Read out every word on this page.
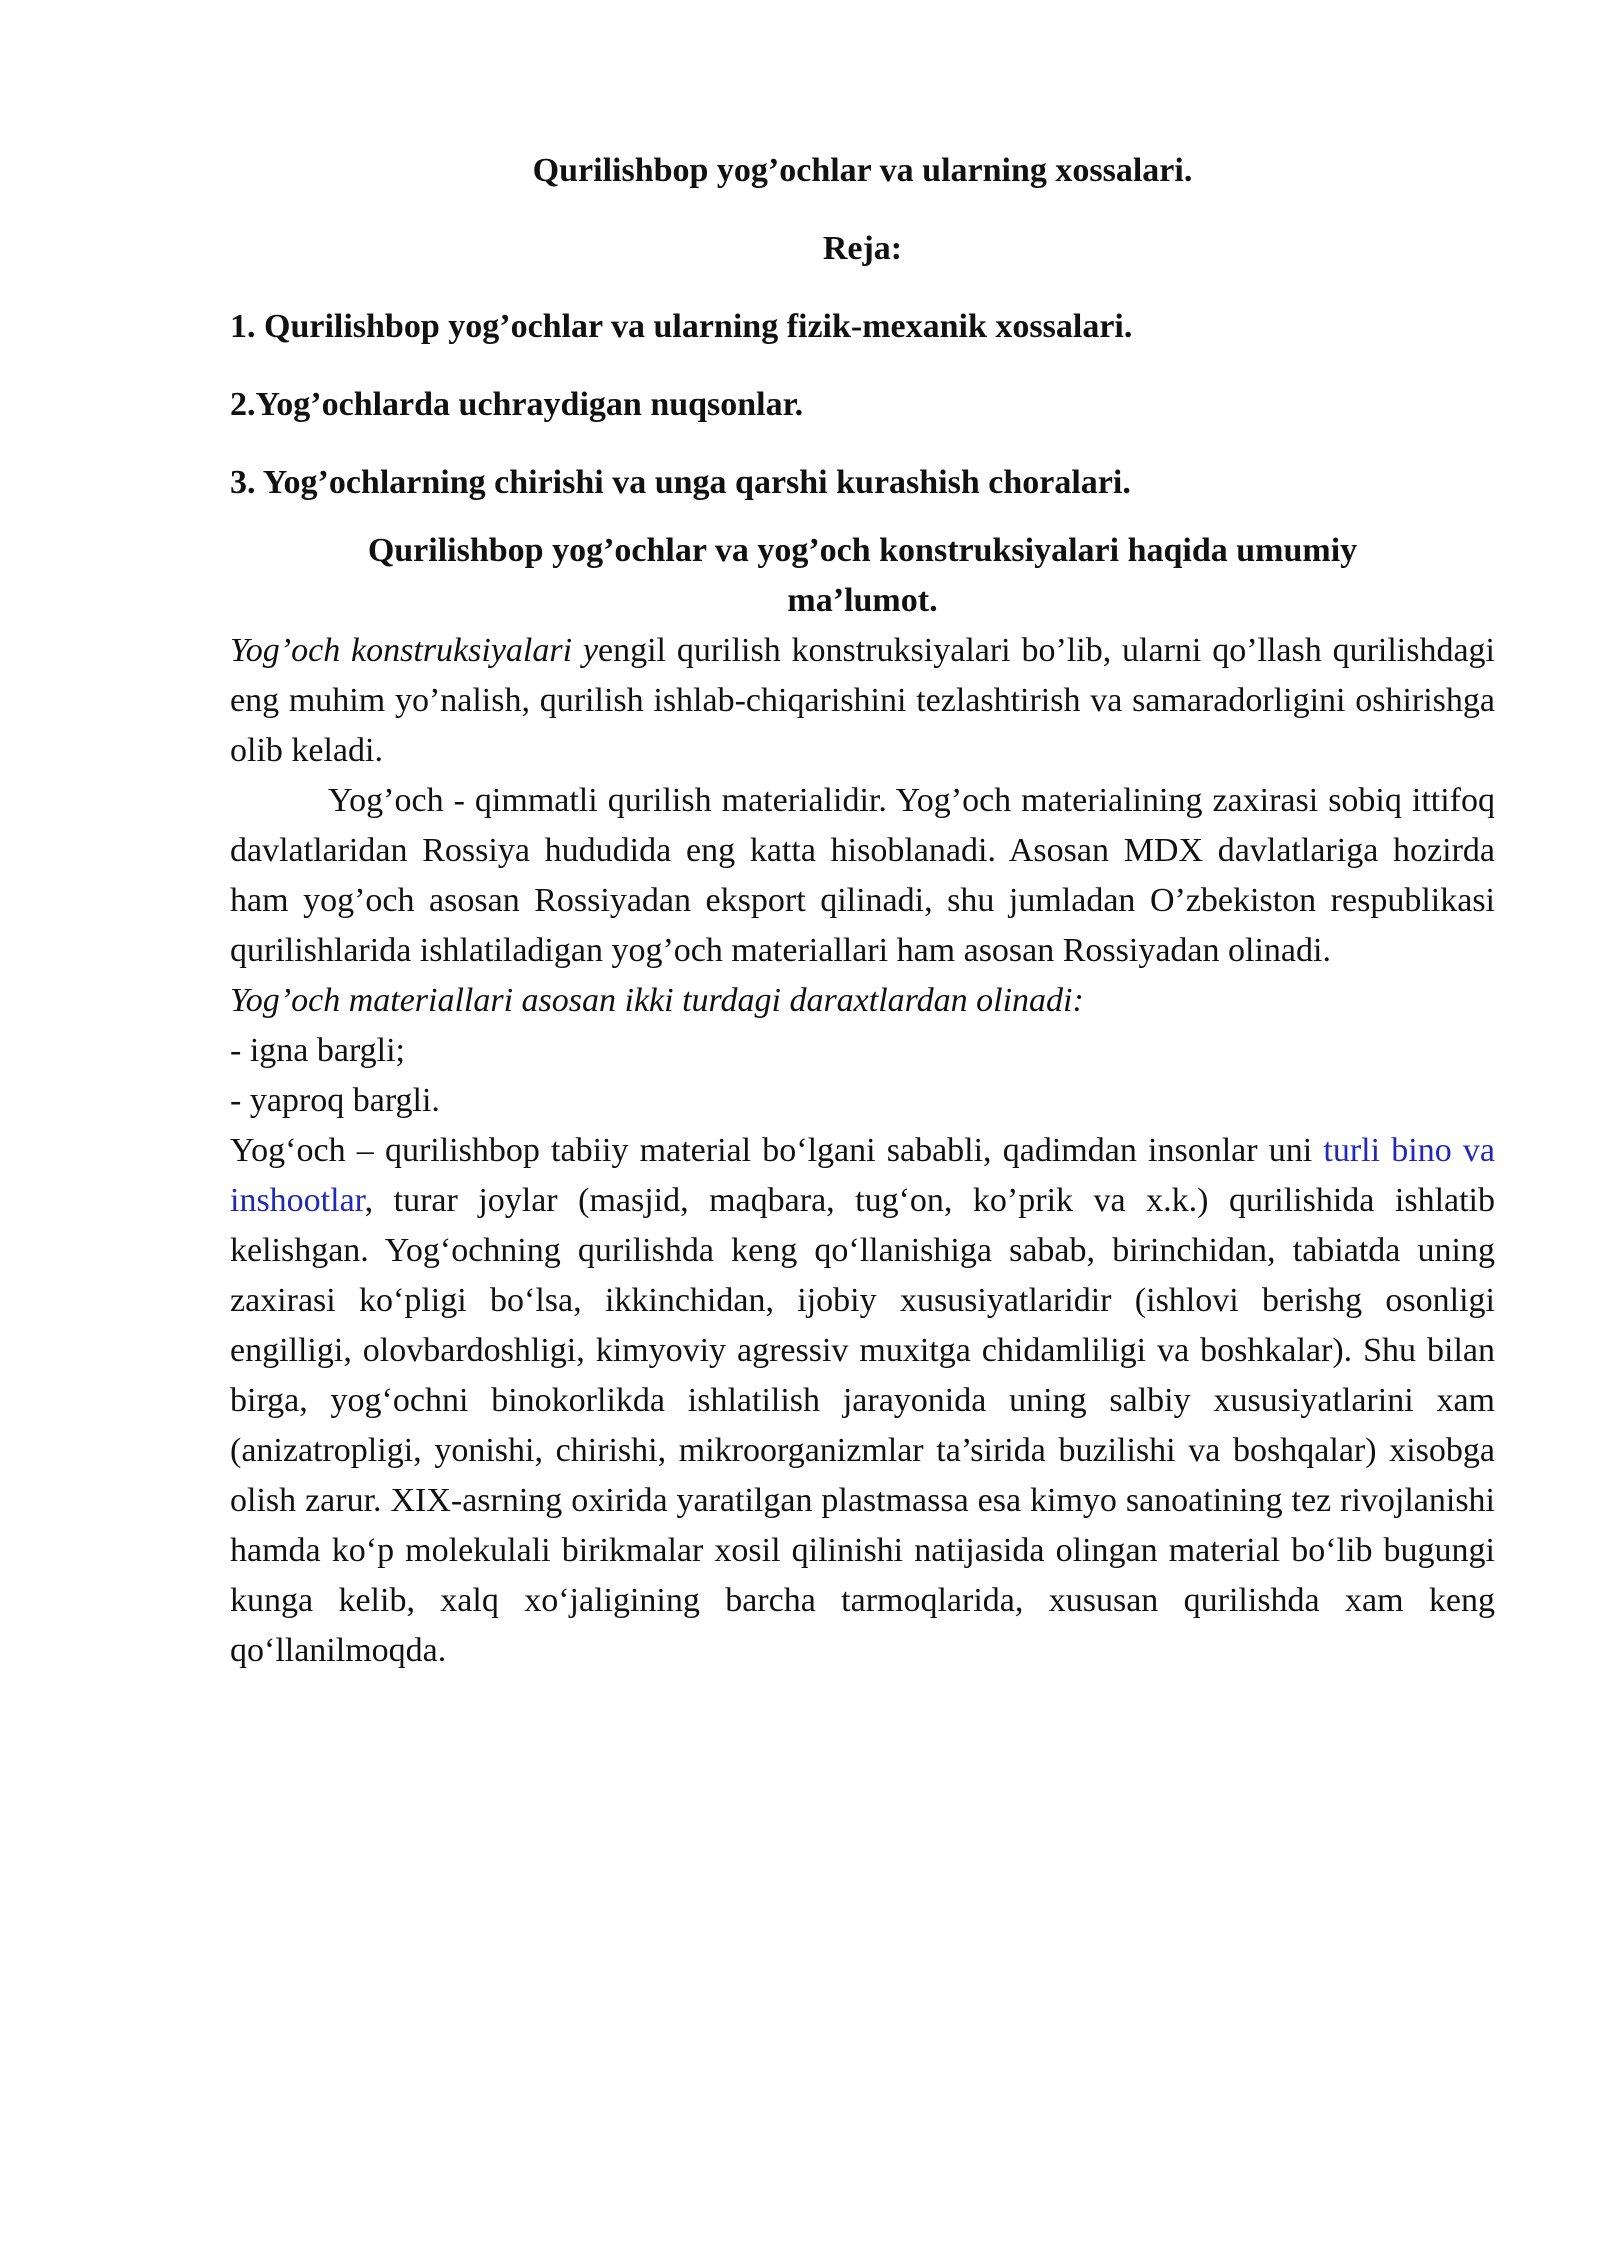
Qurilishbop yog’ochlar va ularning xossalari.
Reja:
1. Qurilishbop yog’ochlar va ularning fizik-mexanik xossalari.
2.Yog’ochlarda uchraydigan nuqsonlar.
3. Yog’ochlarning chirishi va unga qarshi kurashish choralari.
Qurilishbop yog’ochlar va yog’och konstruksiyalari haqida umumiy ma’lumot.

Yog’och konstruksiyalari yengil qurilish konstruksiyalari bo’lib, ularni qo’llash qurilishdagi eng muhim yo’nalish, qurilish ishlab-chiqarishini tezlashtirish va samaradorligini oshirishga olib keladi.

Yog’och - qimmatli qurilish materialidir. Yog’och materialining zaxirasi sobiq ittifoq davlatlaridan Rossiya hududida eng katta hisoblanadi. Asosan MDX davlatlariga hozirda ham yog’och asosan Rossiyadan eksport qilinadi, shu jumladan O’zbekiston respublikasi qurilishlarida ishlatiladigan yog’och materiallari ham asosan Rossiyadan olinadi.

Yog’och materiallari asosan ikki turdagi daraxtlardan olinadi:

- igna bargli;

- yaproq bargli.

Yog‘och – qurilishbop tabiiy material bo‘lgani sababli, qadimdan insonlar uni turli bino va inshootlar, turar joylar (masjid, maqbara, tug‘on, ko’prik va x.k.) qurilishida ishlatib kelishgan. Yog‘ochning qurilishda keng qo‘llanishiga sabab, birinchidan, tabiatda uning zaxirasi ko‘pligi bo‘lsa, ikkinchidan, ijobiy xususiyatlaridir (ishlovi berishg osonligi engilligi, olovbardoshligi, kimyoviy agressiv muxitga chidamliligi va boshkalar). Shu bilan birga, yog‘ochni binokorlikda ishlatilish jarayonida uning salbiy xususiyatlarini xam (anizatropligi, yonishi, chirishi, mikroorganizmlar ta’sirida buzilishi va boshqalar) xisobga olish zarur. XIX-asrning oxirida yaratilgan plastmassa esa kimyo sanoatining tez rivojlanishi hamda ko‘p molekulali birikmalar xosil qilinishi natijasida olingan material bo‘lib bugungi kunga kelib, xalq xo‘jaligining barcha tarmoqlarida, xususan qurilishda xam keng qo‘llanilmoqda.
